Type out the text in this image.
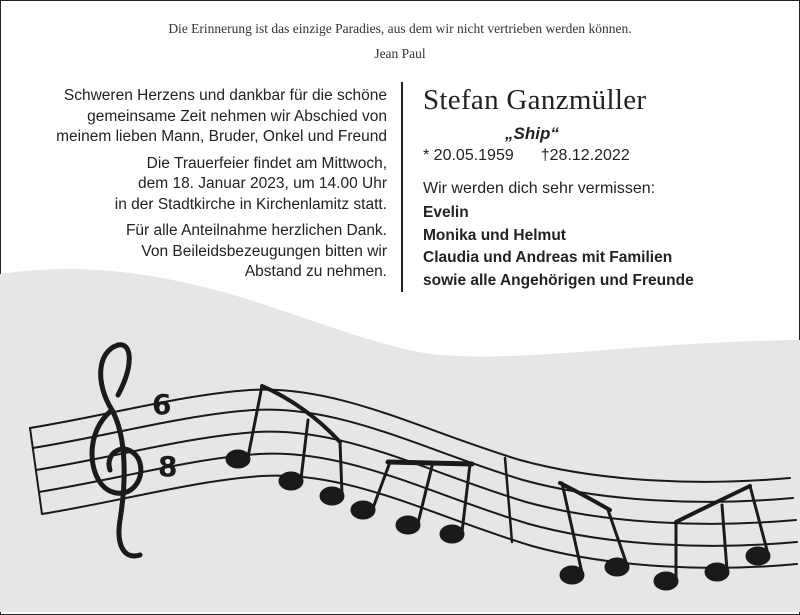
Die Erinnerung ist das einzige Paradies, aus dem wir nicht vertrieben werden können.
Jean Paul
6
8

Schweren Herzens und dankbar für die schöne
gemeinsame Zeit nehmen wir Abschied von
meinem lieben Mann, Bruder, Onkel und Freund

Die Trauerfeier findet am Mittwoch,
dem 18. Januar 2023, um 14.00 Uhr
in der Stadtkirche in Kirchenlamitz statt.

Für alle Anteilnahme herzlichen Dank.
Von Beileidsbezeugungen bitten wir
Abstand zu nehmen.

Stefan Ganzmüller
„Ship“
* 20.05.1959 †28.12.2022
Wir werden dich sehr vermissen:
Evelin
Monika und Helmut
Claudia und Andreas mit Familien
sowie alle Angehörigen und Freunde
